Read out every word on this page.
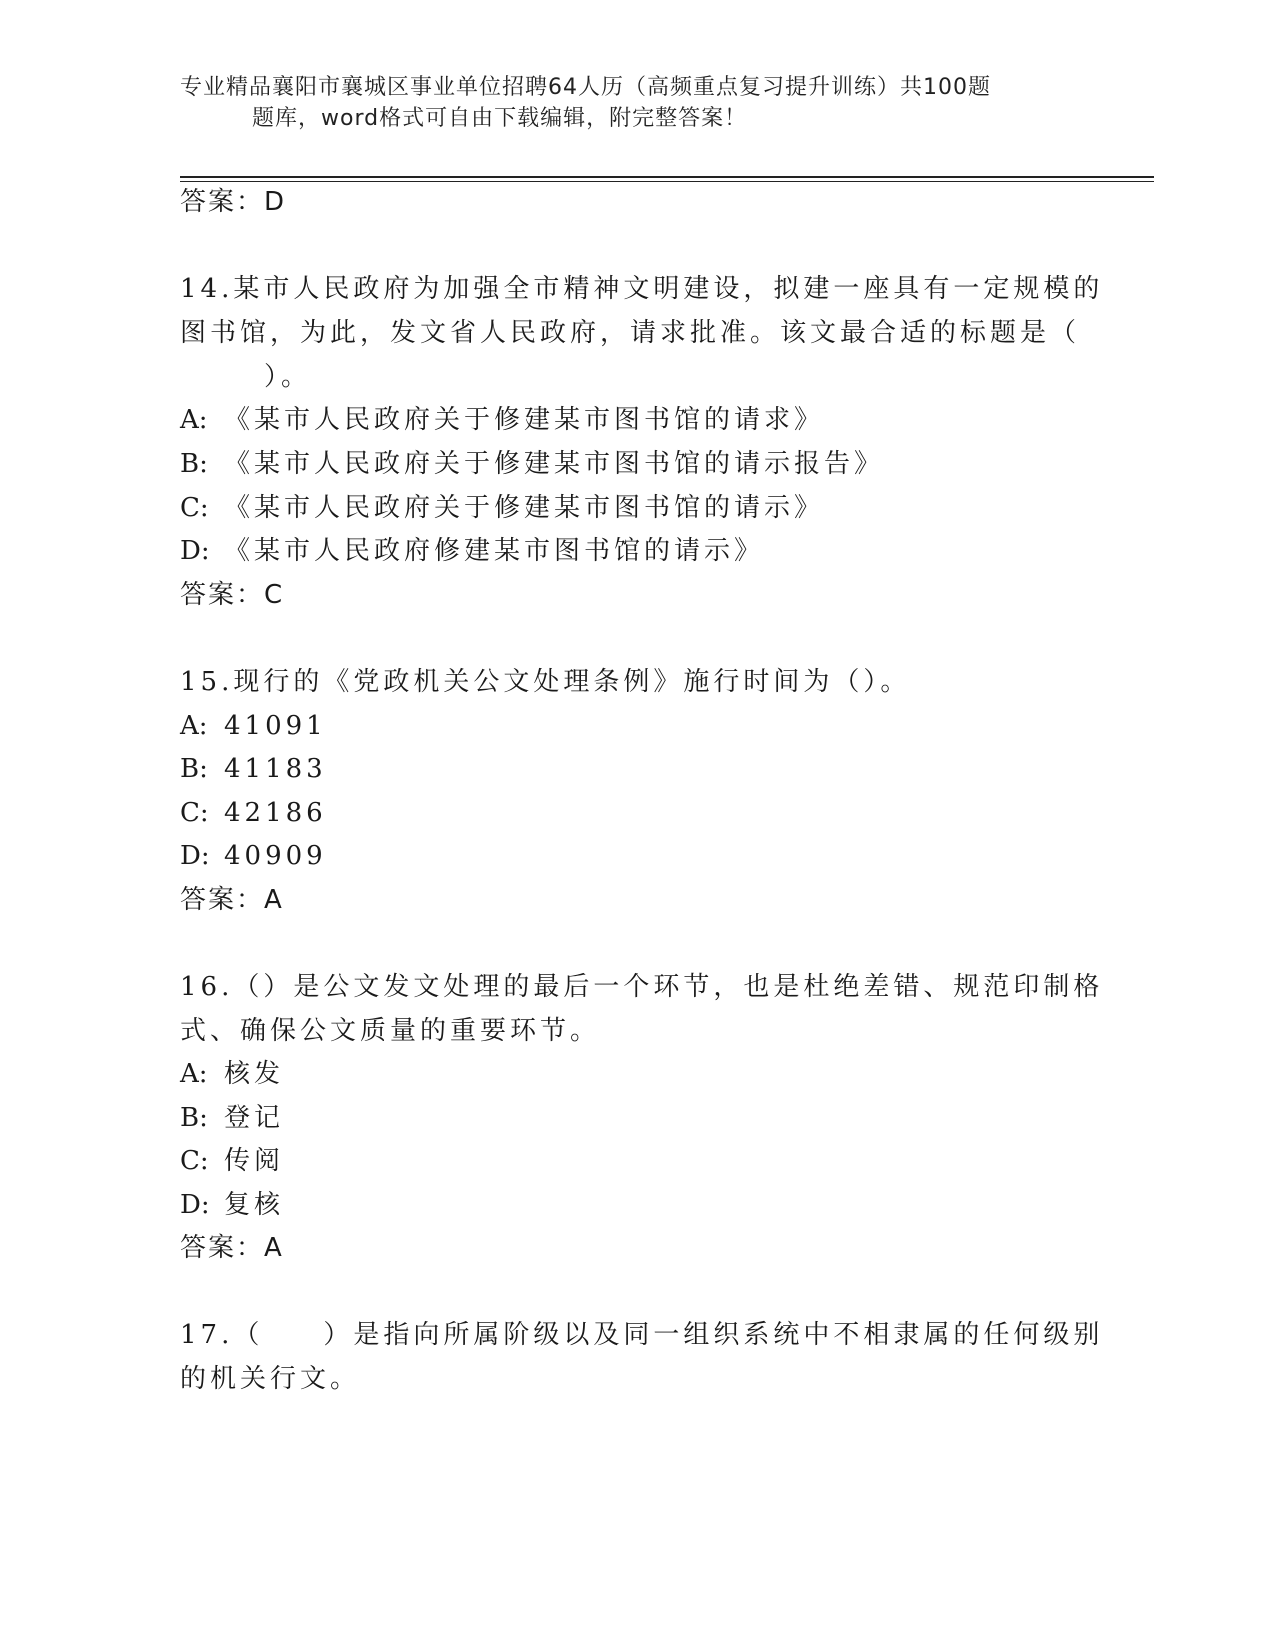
专业精品襄阳市襄城区事业单位招聘64人历（高频重点复习提升训练）共100题
题库，word格式可自由下载编辑，附完整答案！
答案：D
14.某市人民政府为加强全市精神文明建设，拟建一座具有一定规模的
图书馆，为此，发文省人民政府，请求批准。该文最合适的标题是（
）。
A: 《某市人民政府关于修建某市图书馆的请求》
B: 《某市人民政府关于修建某市图书馆的请示报告》
C: 《某市人民政府关于修建某市图书馆的请示》
D: 《某市人民政府修建某市图书馆的请示》
答案：C
15.现行的《党政机关公文处理条例》施行时间为（）。
A: 41091
B: 41183
C: 42186
D: 40909
答案：A
16.（）是公文发文处理的最后一个环节，也是杜绝差错、规范印制格
式、确保公文质量的重要环节。
A: 核发
B: 登记
C: 传阅
D: 复核
答案：A
17.（　　）是指向所属阶级以及同一组织系统中不相隶属的任何级别
的机关行文。
